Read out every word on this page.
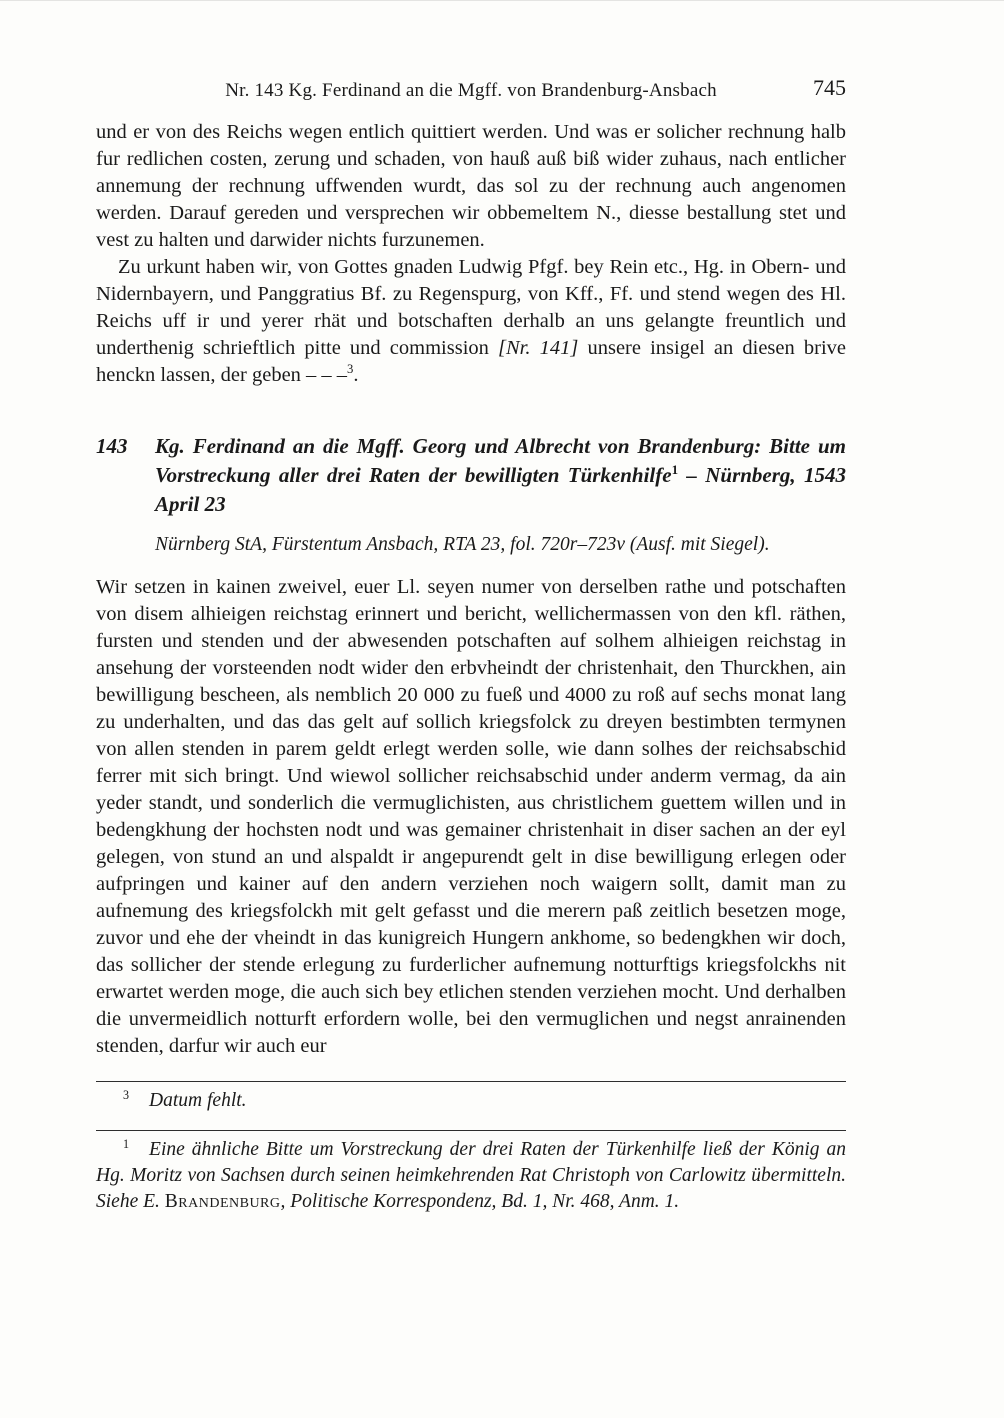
Nr. 143 Kg. Ferdinand an die Mgff. von Brandenburg-Ansbach	745

und er von des Reichs wegen entlich quittiert werden. Und was er solicher rechnung halb fur redlichen costen, zerung und schaden, von hauß auß biß wider zuhaus, nach entlicher annemung der rechnung uffwenden wurdt, das sol zu der rechnung auch angenomen werden. Darauf gereden und versprechen wir obbemeltem N., diesse bestallung stet und vest zu halten und darwider nichts furzunemen.

Zu urkunt haben wir, von Gottes gnaden Ludwig Pfgf. bey Rein etc., Hg. in Obern- und Nidernbayern, und Panggratius Bf. zu Regenspurg, von Kff., Ff. und stend wegen des Hl. Reichs uff ir und yerer rhät und botschaften derhalb an uns gelangte freuntlich und underthenig schrieftlich pitte und commission [Nr. 141] unsere insigel an diesen brive henckn lassen, der geben – – –$^3$.

143 Kg. Ferdinand an die Mgff. Georg und Albrecht von Brandenburg: Bitte um Vorstreckung aller drei Raten der bewilligten Türkenhilfe$^1$ – Nürnberg, 1543 April 23

Nürnberg StA, Fürstentum Ansbach, RTA 23, fol. 720r–723v (Ausf. mit Siegel).

Wir setzen in kainen zweivel, euer Ll. seyen numer von derselben rathe und potschaften von disem alhieigen reichstag erinnert und bericht, wellichermassen von den kfl. räthen, fursten und stenden und der abwesenden potschaften auf solhem alhieigen reichstag in ansehung der vorsteenden nodt wider den erbvheindt der christenhait, den Thurckhen, ain bewilligung bescheen, als nemblich 20 000 zu fueß und 4000 zu roß auf sechs monat lang zu underhalten, und das das gelt auf sollich kriegsfolck zu dreyen bestimbten termynen von allen stenden in parem geldt erlegt werden solle, wie dann solhes der reichsabschid ferrer mit sich bringt. Und wiewol sollicher reichsabschid under anderm vermag, da ain yeder standt, und sonderlich die vermuglichisten, aus christlichem guettem willen und in bedengkhung der hochsten nodt und was gemainer christenhait in diser sachen an der eyl gelegen, von stund an und alspaldt ir angepurendt gelt in dise bewilligung erlegen oder aufpringen und kainer auf den andern verziehen noch waigern sollt, damit man zu aufnemung des kriegsfolckh mit gelt gefasst und die merern paß zeitlich besetzen moge, zuvor und ehe der vheindt in das kunigreich Hungern ankhome, so bedengkhen wir doch, das sollicher der stende erlegung zu furderlicher aufnemung notturftigs kriegsfolckhs nit erwartet werden moge, die auch sich bey etlichen stenden verziehen mocht. Und derhalben die unvermeidlich notturft erfordern wolle, bei den vermuglichen und negst anrainenden stenden, darfur wir auch eur

$^3$ Datum fehlt.

$^1$ Eine ähnliche Bitte um Vorstreckung der drei Raten der Türkenhilfe ließ der König an Hg. Moritz von Sachsen durch seinen heimkehrenden Rat Christoph von Carlowitz übermitteln. Siehe E. Brandenburg, Politische Korrespondenz, Bd. 1, Nr. 468, Anm. 1.
